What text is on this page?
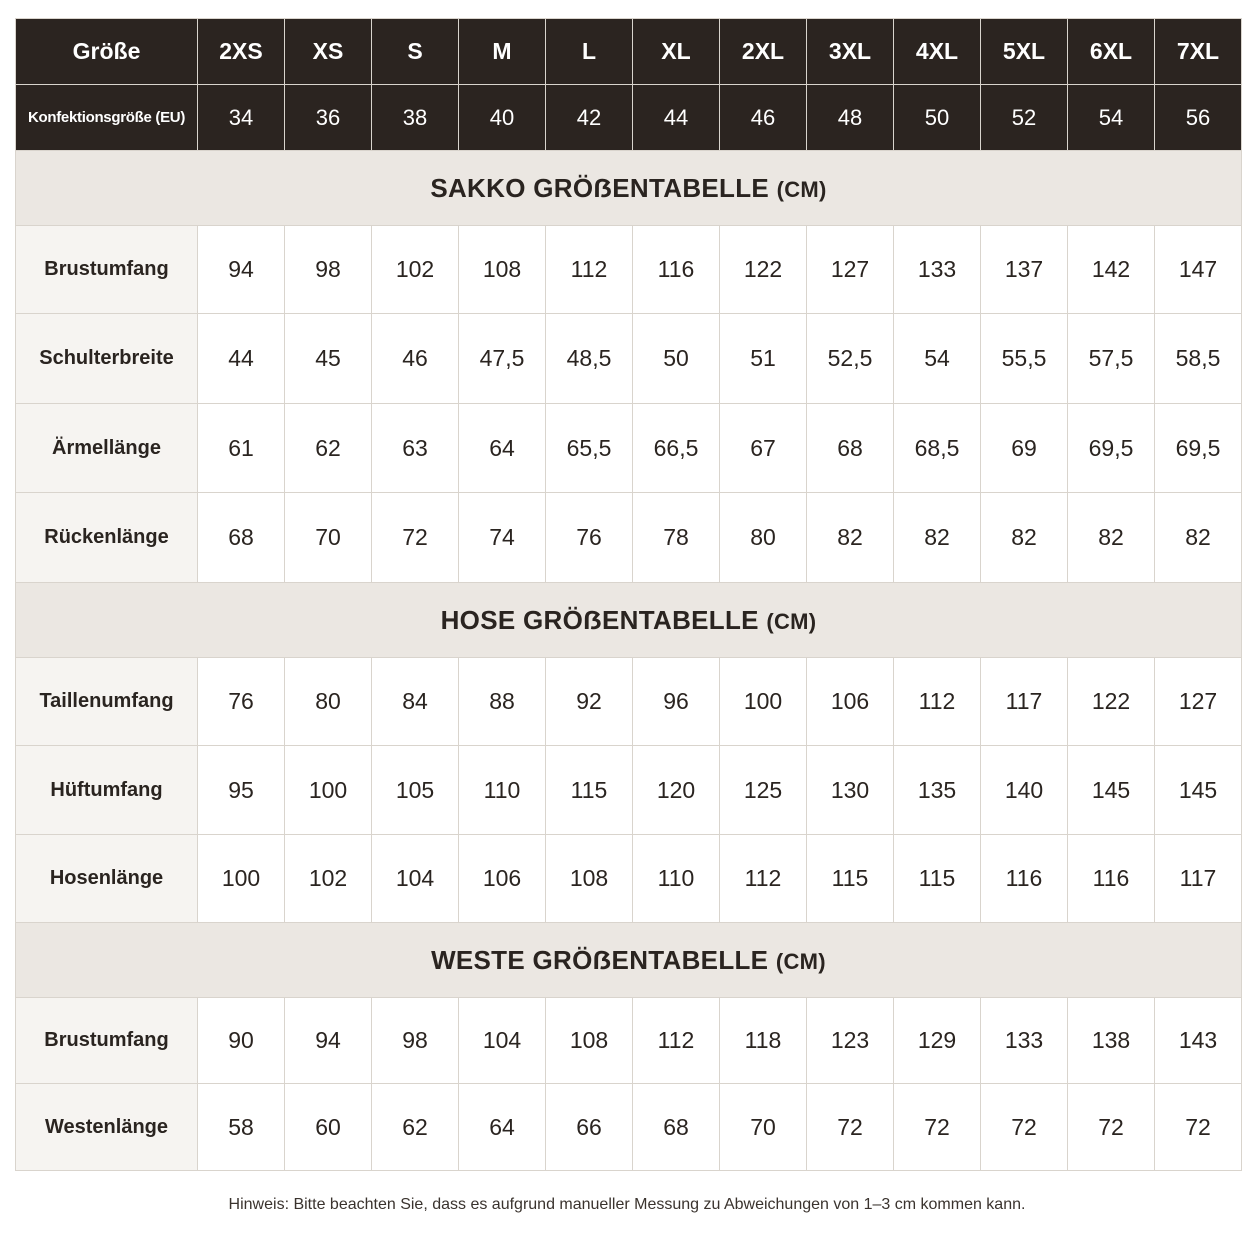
Größe	2XS	XS	S	M	L	XL	2XL	3XL	4XL	5XL	6XL	7XL
Konfektionsgröße (EU)	34	36	38	40	42	44	46	48	50	52	54	56
SAKKO GRÖẞENTABELLE (CM)												
Brustumfang	94	98	102	108	112	116	122	127	133	137	142	147
Schulterbreite	44	45	46	47,5	48,5	50	51	52,5	54	55,5	57,5	58,5
Ärmellänge	61	62	63	64	65,5	66,5	67	68	68,5	69	69,5	69,5
Rückenlänge	68	70	72	74	76	78	80	82	82	82	82	82
HOSE GRÖẞENTABELLE (CM)												
Taillenumfang	76	80	84	88	92	96	100	106	112	117	122	127
Hüftumfang	95	100	105	110	115	120	125	130	135	140	145	145
Hosenlänge	100	102	104	106	108	110	112	115	115	116	116	117
WESTE GRÖẞENTABELLE (CM)												
Brustumfang	90	94	98	104	108	112	118	123	129	133	138	143
Westenlänge	58	60	62	64	66	68	70	72	72	72	72	72
Hinweis: Bitte beachten Sie, dass es aufgrund manueller Messung zu Abweichungen von 1–3 cm kommen kann.
